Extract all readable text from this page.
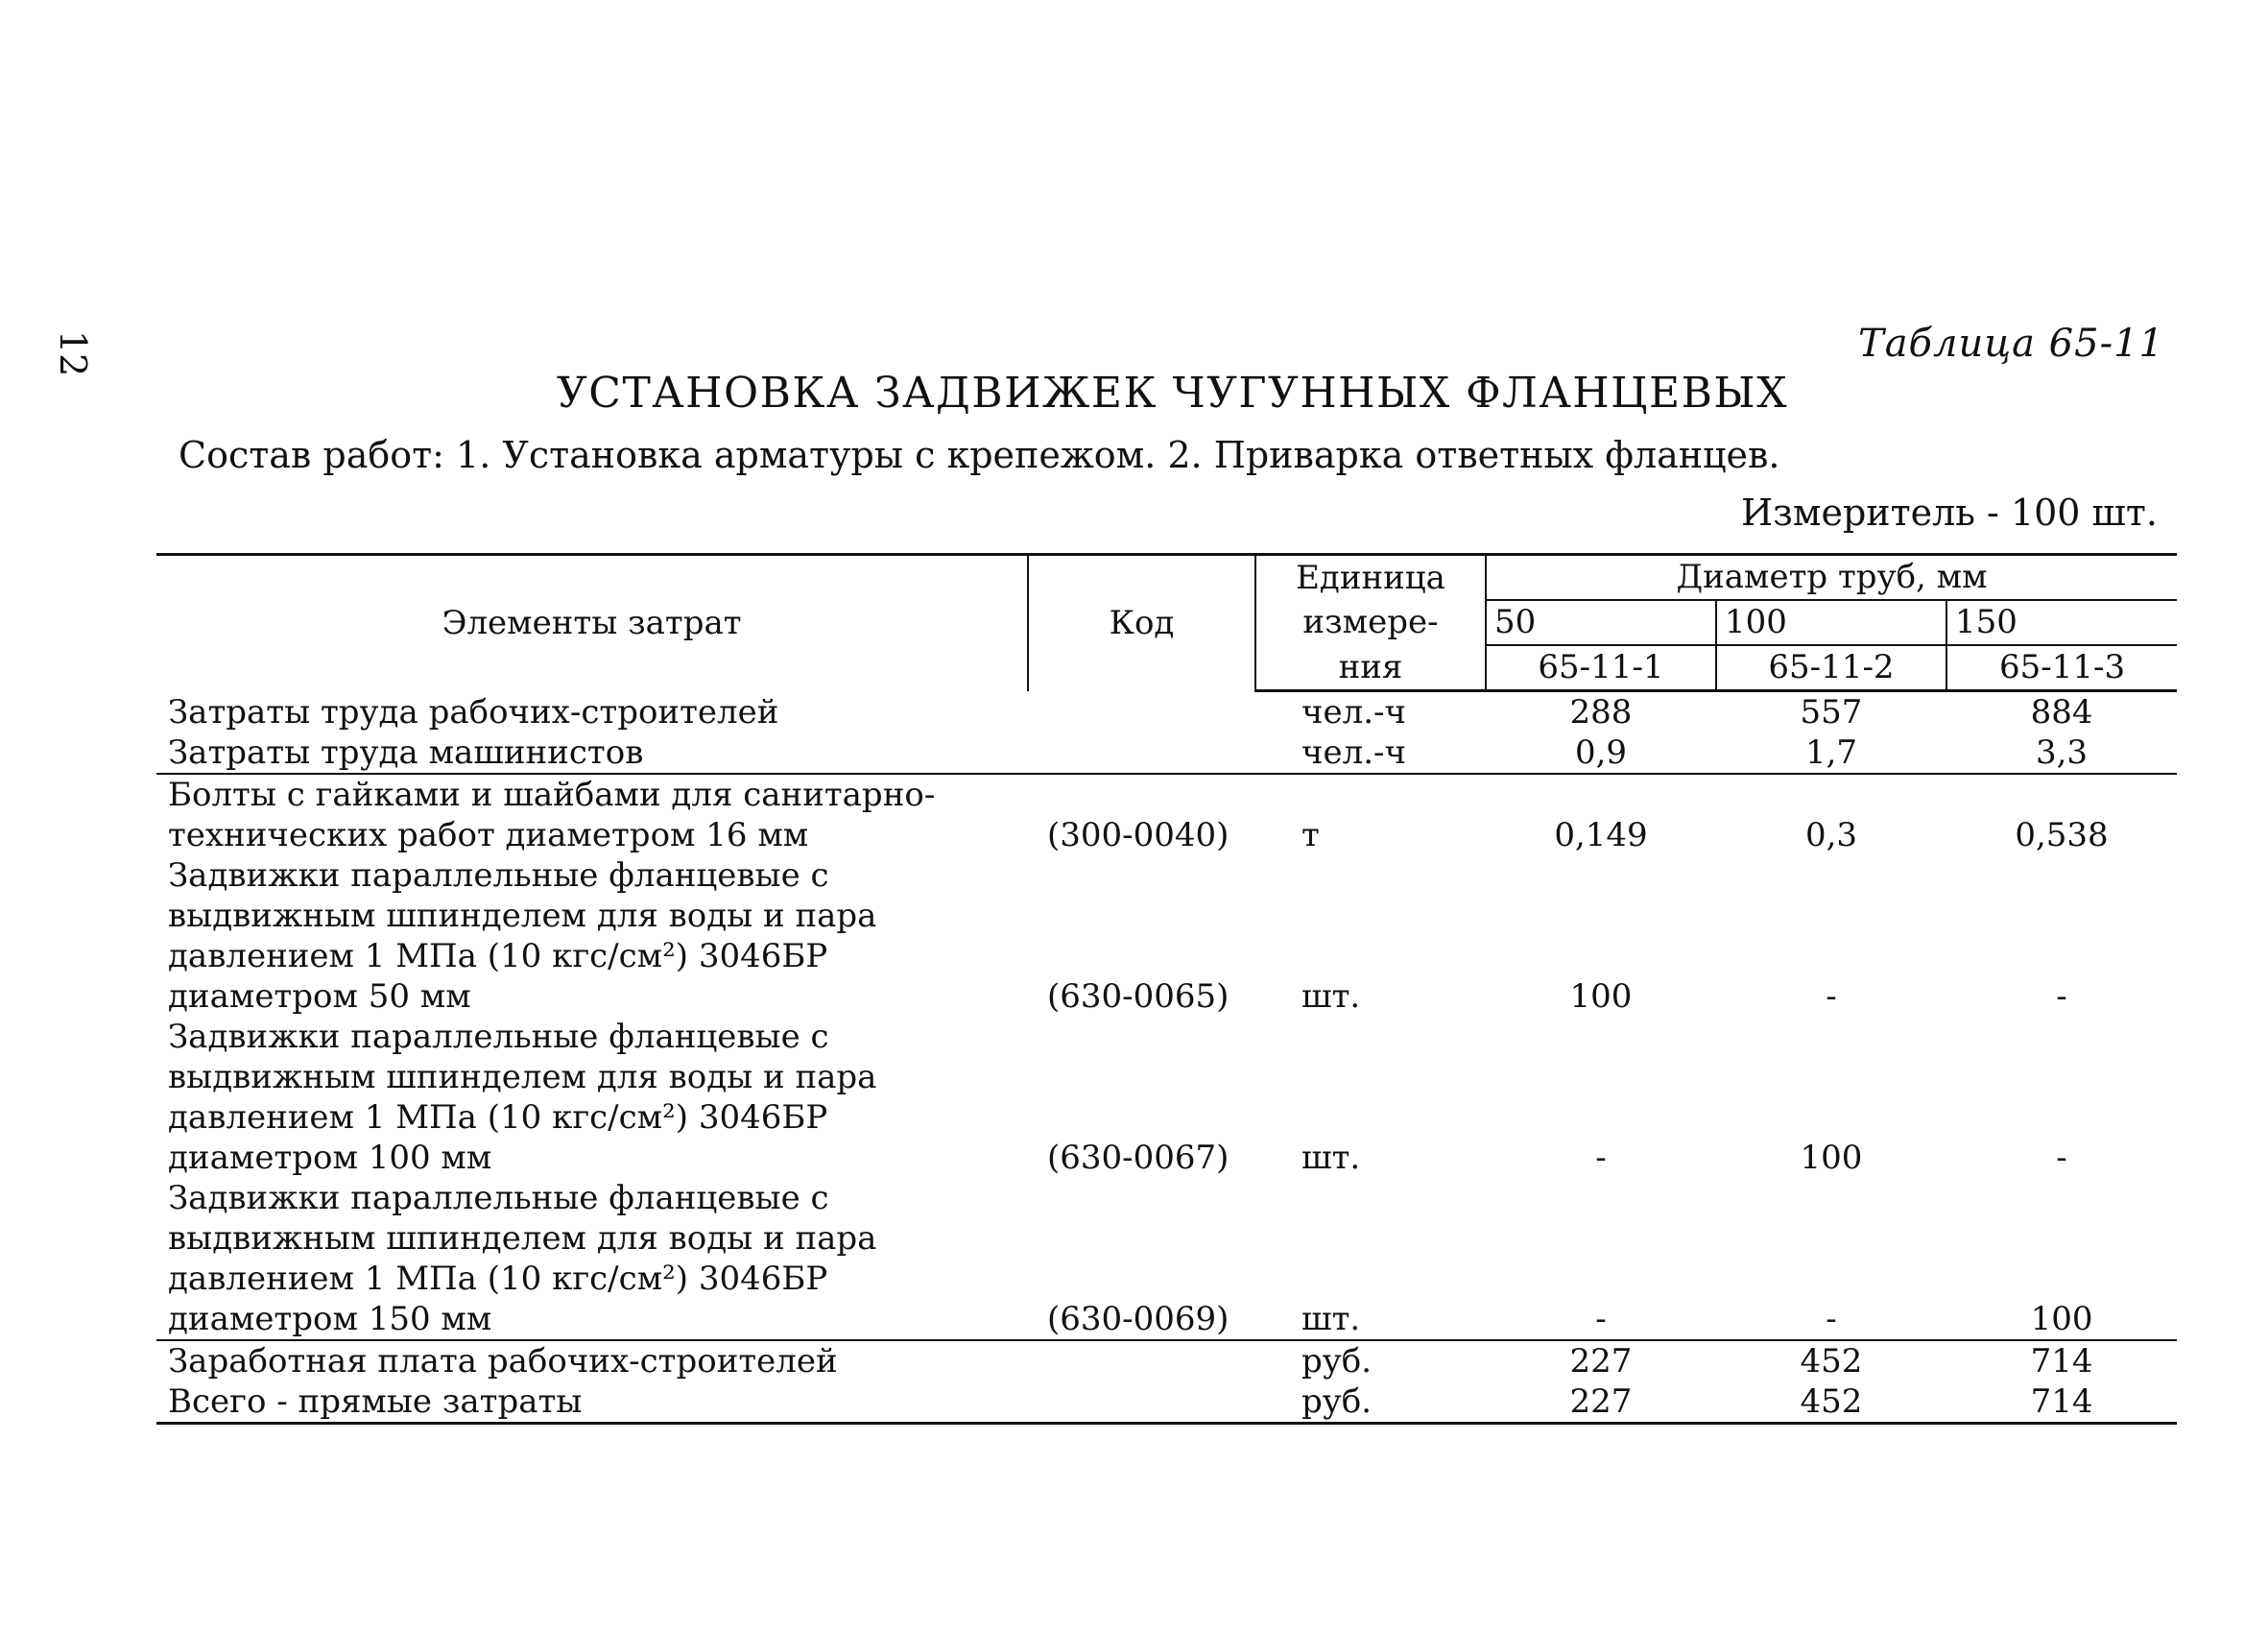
12	Таблица 65-11
УСТАНОВКА ЗАДВИЖЕК ЧУГУННЫХ ФЛАНЦЕВЫХ
Состав работ: 1. Установка арматуры с крепежом. 2. Приварка ответных фланцев.
Измеритель - 100 шт.
Элементы затрат	Код	Единица	Диаметр труб, мм		
		измере-	50	100	150
		ния	65-11-1	65-11-2	65-11-3
Затраты труда рабочих-строителей		чел.-ч	288	557	884
Затраты труда машинистов		чел.-ч	0,9	1,7	3,3
Болты с гайками и шайбами для санитарно-технических работ диаметром 16 мм	(300-0040)	т	0,149	0,3	0,538
Задвижки параллельные фланцевые с выдвижным шпинделем для воды и пара давлением 1 МПа (10 кгс/см²) 3046БР диаметром 50 мм	(630-0065)	шт.	100	-	-
Задвижки параллельные фланцевые с выдвижным шпинделем для воды и пара давлением 1 МПа (10 кгс/см²) 3046БР диаметром 100 мм	(630-0067)	шт.	-	100	-
Задвижки параллельные фланцевые с выдвижным шпинделем для воды и пара давлением 1 МПа (10 кгс/см²) 3046БР диаметром 150 мм	(630-0069)	шт.	-	-	100
Заработная плата рабочих-строителей		руб.	227	452	714
Всего - прямые затраты		руб.	227	452	714
